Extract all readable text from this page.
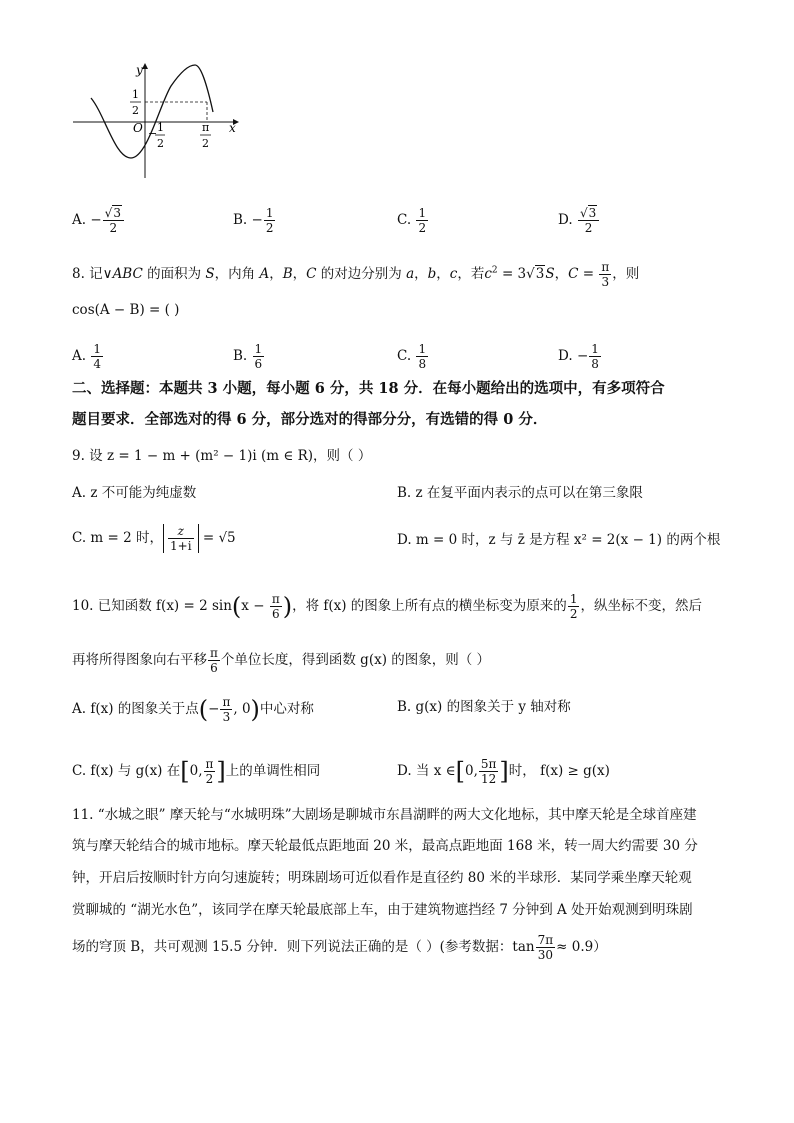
y
x
O
1
2
− 1
2
π
2
A. − $\frac{√3}{2}$	B. − $\frac{1}{2}$	C. $\frac{1}{2}$	D. $\frac{√3}{2}$
8. 记∨ABC 的面积为 S，内角 A，B，C 的对边分别为 a，b，c，若$c^2 = 3√3S$，$C = \frac{\pi}{3}$ ，则
cos(A − B) = ( )
A. $\frac{1}{4}$	B. $\frac{1}{6}$	C. $\frac{1}{8}$	D. − $\frac{1}{8}$
二、选择题：本题共 3 小题，每小题 6 分，共 18 分．在每小题给出的选项中，有多项符合
题目要求．全部选对的得 6 分，部分选对的得部分分，有选错的得 0 分．
9. 设 z = 1 − m + (m² − 1)i (m ∈ R)，则（ ）
A. z 不可能为纯虚数	B. z 在复平面内表示的点可以在第三象限
C. m = 2 时， $\frac{z}{1+i} = √5$	D. m = 0 时，z 与 z̄ 是方程 x² = 2(x − 1) 的两个根
10. 已知函数 f(x) = 2 $\sin(x - \frac{\pi}{6}$ )，将 f(x) 的图象上所有点的横坐标变为原来的 $\frac{1}{2}$ ，纵坐标不变，然后
再将所得图象向右平移 $\frac{\pi}{6}$ 个单位长度，得到函数 g(x) 的图象，则（ ）
A. f(x) 的图象关于点(− $\frac{\pi}{3}$ , 0)中心对称	B. g(x) 的图象关于 y 轴对称
C. f(x) 与 g(x) 在[0, $\frac{\pi}{2}$ ]上的单调性相同	D. 当 x ∈[0, $\frac{5\pi}{12}$ ]时， f(x) ≥ g(x)
11. “水城之眼” 摩天轮与“水城明珠”大剧场是聊城市东昌湖畔的两大文化地标，其中摩天轮是全球首座建
筑与摩天轮结合的城市地标。摩天轮最低点距地面 20 米，最高点距地面 168 米，转一周大约需要 30 分
钟，开启后按顺时针方向匀速旋转；明珠剧场可近似看作是直径约 80 米的半球形．某同学乘坐摩天轮观
赏聊城的 “湖光水色”，该同学在摩天轮最底部上车，由于建筑物遮挡经 7 分钟到 A 处开始观测到明珠剧
场的穹顶 B，共可观测 15.5 分钟．则下列说法正确的是（ ）(参考数据：$\tan \frac{7\pi}{30} \approx 0.9$）
